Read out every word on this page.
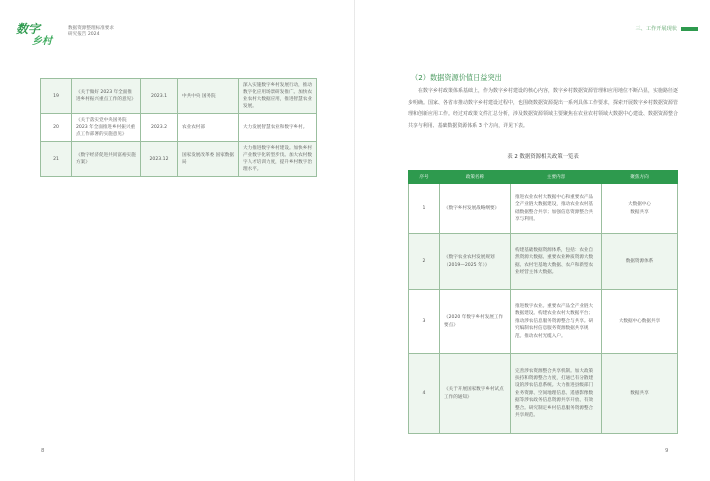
数字
乡村
数据资源整理标准要求
研究报告 2024
19	《关于做好 2023 年全面推进乡村振兴重点工作的意见》	2023.1	中共中央 国务院	深入实施数字乡村发展行动，推动数字化应用场景研发推广。加快农业农村大数据应用，推进智慧农业发展。
20	《关于落实党中央国务院 2023 年全面推进乡村振兴重点工作部署的实施意见》	2023.2	农业农村部	大力发展智慧农业和数字乡村。
21	《数字经济促进共同富裕实施方案》	2023.12	国家发展改革委 国家数据局	大力推进数字乡村建设。加快乡村产业数字化转型步伐。加大农村数字人才培训力度，提升乡村数字治理水平。
8
三、工作开展现状
（2）数据资源价值日益突出

在数字乡村政策体系基础上，作为数字乡村建设的核心内容，数字乡村数据资源管理和应用地位不断凸显，实施路径逐步明确。国家、各省市推动数字乡村建设过程中，也围绕数据资源提出一系列具体工作要求，探索开展数字乡村数据资源管理和创新应用工作。经过对政策文件汇总分析，涉及数据资源领域主要聚焦在农业农村领域大数据中心建设、数据资源整合共享与利用、基础数据资源体系 3 个方向，详见下表。

表 2 数据资源相关政策一览表
序号	政策名称	主要内容	聚焦方向
1	《数字乡村发展战略纲要》	推进农业农村大数据中心和重要农产品全产业链大数据建设，推动农业农村基础数据整合共享；加强信息资源整合共享与利用。	大数据中心
数据共享
2	《数字农业农村发展规划（2019—2025 年）》	构建基础数据资源体系，包括：农业自然资源大数据、重要农业种质资源大数据、农村宅基地大数据、农户和新型农业经营主体大数据。	数据资源体系
3	《2020 年数字乡村发展工作要点》	推进数字农业。重要农产品全产业链大数据建设。构建农业农村大数据平台；推动涉农信息服务资源整合与共享。研究编制农村信息服务资源数据共享规范。推动农村光缆入户。	大数据中心数据共享
4	《关于开展国家数字乡村试点工作的通知》	完善涉农资源整合共享机制。加大政策扶持和资源整合力度，打通已有分散建设的涉农信息系统。大力推进县级部门业务资源、空间地理信息、遥感影像数据等涉农政务信息资源共享开放、有效整合。研究制定乡村信息服务资源整合共享规范。	数据共享
9
